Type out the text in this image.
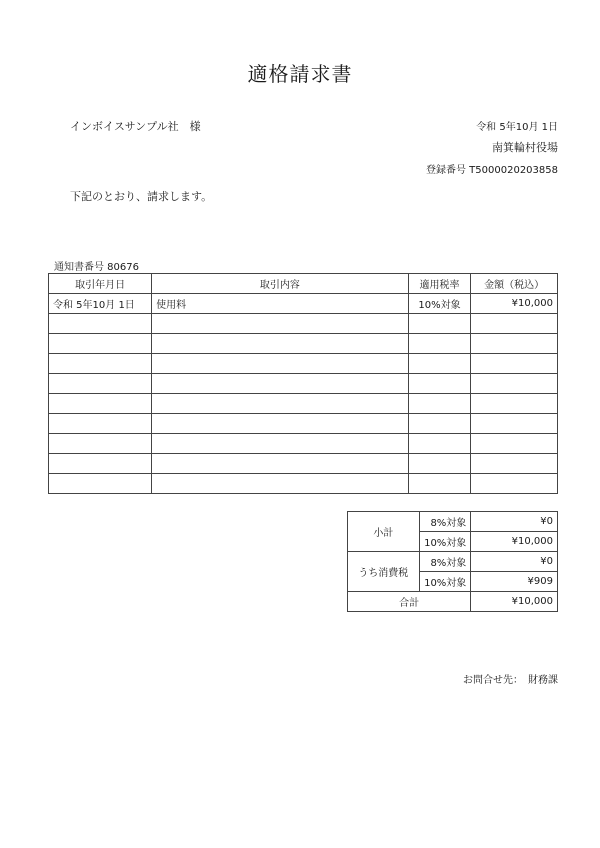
適格請求書
インボイスサンプル社　様	令和 5年10月 1日
南箕輪村役場
登録番号 T5000020203858
下記のとおり、請求します。
通知書番号 80676
取引年月日	取引内容	適用税率	金額（税込）
令和 5年10月 1日	使用料	10%対象	¥10,000

小計	8%対象	¥0
	10%対象	¥10,000
うち消費税	8%対象	¥0
	10%対象	¥909
合計		¥10,000
お問合せ先：　財務課
